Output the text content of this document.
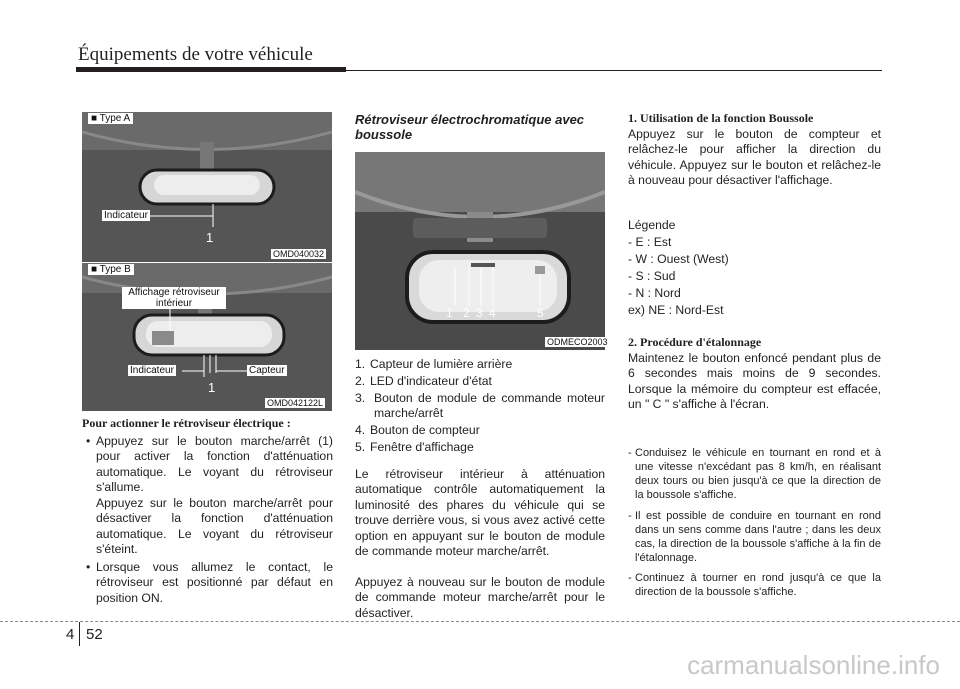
Équipements de votre véhicule
■ Type A
Indicateur
1
OMD040032
■ Type B
Affichage rétroviseur intérieur
Indicateur	Capteur
1
OMD042122L
Pour actionner le rétroviseur électrique :
• Appuyez sur le bouton marche/arrêt (1) pour activer la fonction d'atténuation automatique. Le voyant du rétroviseur s'allume.
Appuyez sur le bouton marche/arrêt pour désactiver la fonction d'atténuation automatique. Le voyant du rétroviseur s'éteint.
• Lorsque vous allumez le contact, le rétroviseur est positionné par défaut en position ON.
Rétroviseur électrochromatique avec boussole
1 2 3 4	5
ODMECO2003
1. Capteur de lumière arrière
2. LED d'indicateur d'état
3. Bouton de module de commande moteur marche/arrêt
4. Bouton de compteur
5. Fenêtre d'affichage
Le rétroviseur intérieur à atténuation automatique contrôle automatiquement la luminosité des phares du véhicule qui se trouve derrière vous, si vous avez activé cette option en appuyant sur le bouton de module de commande moteur marche/arrêt.
Appuyez à nouveau sur le bouton de module de commande moteur marche/arrêt pour le désactiver.
1. Utilisation de la fonction Boussole
Appuyez sur le bouton de compteur et relâchez-le pour afficher la direction du véhicule. Appuyez sur le bouton et relâchez-le à nouveau pour désactiver l'affichage.
Légende
- E : Est
- W : Ouest (West)
- S : Sud
- N : Nord
ex) NE : Nord-Est
2. Procédure d'étalonnage
Maintenez le bouton enfoncé pendant plus de 6 secondes mais moins de 9 secondes. Lorsque la mémoire du compteur est effacée, un " C " s'affiche à l'écran.
- Conduisez le véhicule en tournant en rond et à une vitesse n'excédant pas 8 km/h, en réalisant deux tours ou bien jusqu'à ce que la direction de la boussole s'affiche.
- Il est possible de conduire en tournant en rond dans un sens comme dans l'autre ; dans les deux cas, la direction de la boussole s'affiche à la fin de l'étalonnage.
- Continuez à tourner en rond jusqu'à ce que la direction de la boussole s'affiche.
4 52
carmanualsonline.info
